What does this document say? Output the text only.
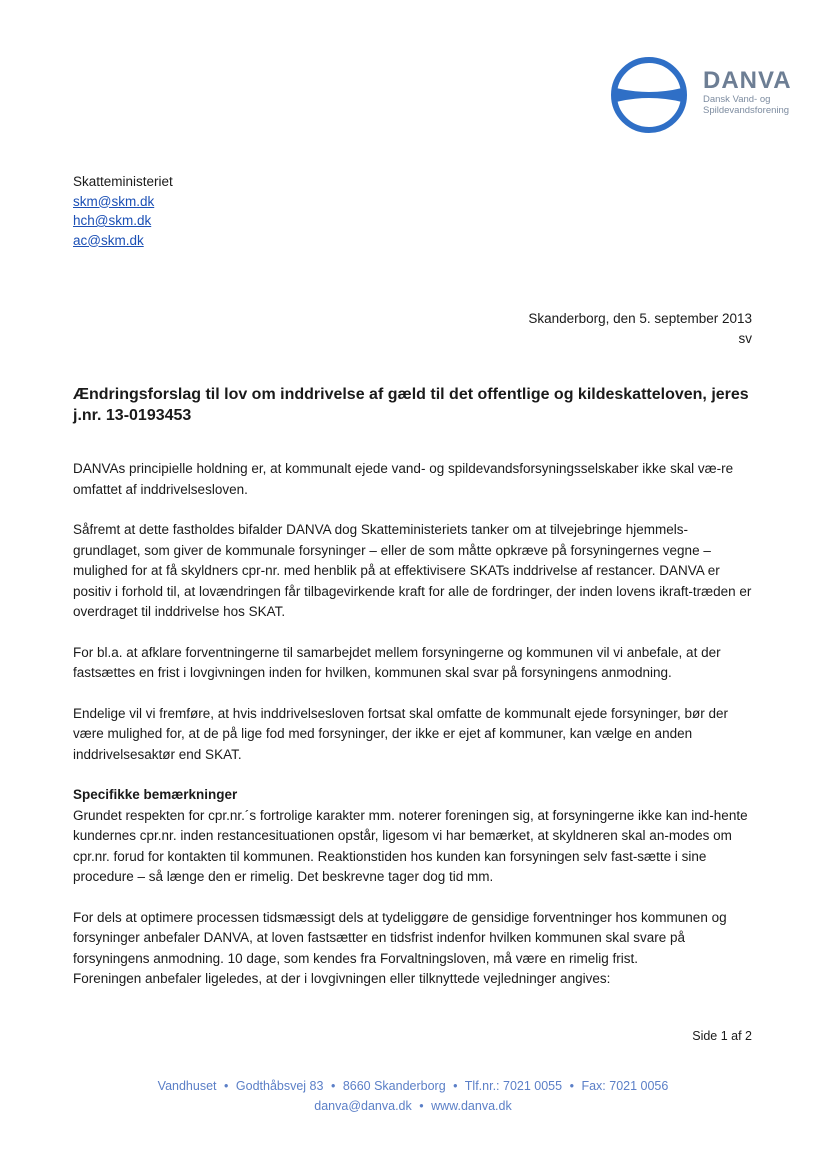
DANVA
Dansk Vand- og
Spildevandsforening
Skatteministeriet
skm@skm.dk
hch@skm.dk
ac@skm.dk
Skanderborg, den 5. september 2013
sv
Ændringsforslag til lov om inddrivelse af gæld til det offentlige og kildeskatteloven, jeres j.nr. 13-0193453

DANVAs principielle holdning er, at kommunalt ejede vand- og spildevandsforsyningsselskaber ikke skal væ-re omfattet af inddrivelsesloven.

Såfremt at dette fastholdes bifalder DANVA dog Skatteministeriets tanker om at tilvejebringe hjemmels-grundlaget, som giver de kommunale forsyninger – eller de som måtte opkræve på forsyningernes vegne – mulighed for at få skyldners cpr-nr. med henblik på at effektivisere SKATs inddrivelse af restancer. DANVA er positiv i forhold til, at lovændringen får tilbagevirkende kraft for alle de fordringer, der inden lovens ikraft-træden er overdraget til inddrivelse hos SKAT.

For bl.a. at afklare forventningerne til samarbejdet mellem forsyningerne og kommunen vil vi anbefale, at der fastsættes en frist i lovgivningen inden for hvilken, kommunen skal svar på forsyningens anmodning.

Endelige vil vi fremføre, at hvis inddrivelsesloven fortsat skal omfatte de kommunalt ejede forsyninger, bør der være mulighed for, at de på lige fod med forsyninger, der ikke er ejet af kommuner, kan vælge en anden inddrivelsesaktør end SKAT.

Specifikke bemærkninger

Grundet respekten for cpr.nr.´s fortrolige karakter mm. noterer foreningen sig, at forsyningerne ikke kan ind-hente kundernes cpr.nr. inden restancesituationen opstår, ligesom vi har bemærket, at skyldneren skal an-modes om cpr.nr. forud for kontakten til kommunen. Reaktionstiden hos kunden kan forsyningen selv fast-sætte i sine procedure – så længe den er rimelig. Det beskrevne tager dog tid mm.

For dels at optimere processen tidsmæssigt dels at tydeliggøre de gensidige forventninger hos kommunen og forsyninger anbefaler DANVA, at loven fastsætter en tidsfrist indenfor hvilken kommunen skal svare på forsyningens anmodning. 10 dage, som kendes fra Forvaltningsloven, må være en rimelig frist.

Foreningen anbefaler ligeledes, at der i lovgivningen eller tilknyttede vejledninger angives:

Side 1 af 2
Vandhuset • Godthåbsvej 83 • 8660 Skanderborg • Tlf.nr.: 7021 0055 • Fax: 7021 0056
danva@danva.dk • www.danva.dk
